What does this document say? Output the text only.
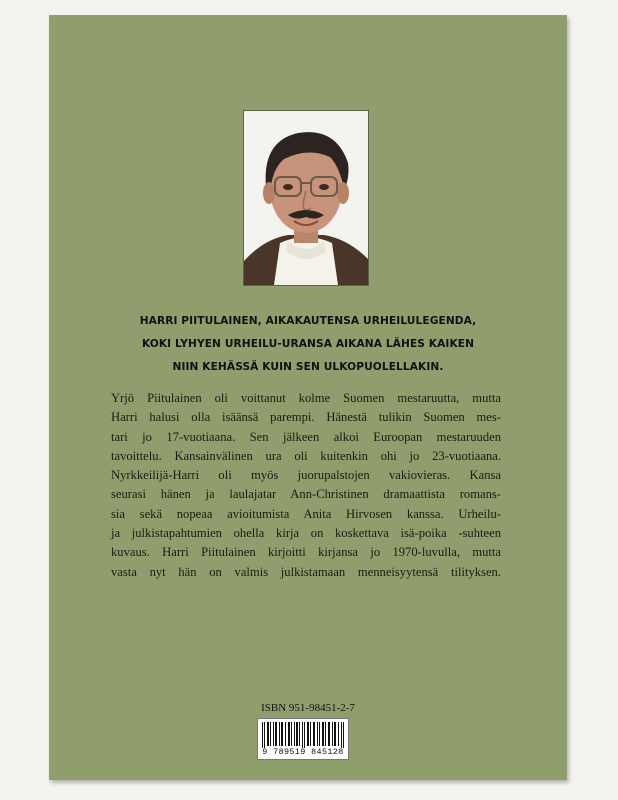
HARRI PIITULAINEN, AIKAKAUTENSA URHEILULEGENDA,
KOKI LYHYEN URHEILU-URANSA AIKANA LÄHES KAIKEN
NIIN KEHÄSSÄ KUIN SEN ULKOPUOLELLAKIN.
Yrjö Piitulainen oli voittanut kolme Suomen mestaruutta, mutta
Harri halusi olla isäänsä parempi. Hänestä tulikin Suomen mes-
tari jo 17-vuotiaana. Sen jälkeen alkoi Euroopan mestaruuden
tavoittelu. Kansainvälinen ura oli kuitenkin ohi jo 23-vuotiaana.
Nyrkkeilijä-Harri oli myös juorupalstojen vakiovieras. Kansa
seurasi hänen ja laulajatar Ann-Christinen dramaattista romans-
sia sekä nopeaa avioitumista Anita Hirvosen kanssa. Urheilu-
ja julkistapahtumien ohella kirja on koskettava isä-poika -suhteen
kuvaus. Harri Piitulainen kirjoitti kirjansa jo 1970-luvulla, mutta
vasta nyt hän on valmis julkistamaan menneisyytensä tilityksen.
ISBN 951-98451-2-7
9 789519 845128
